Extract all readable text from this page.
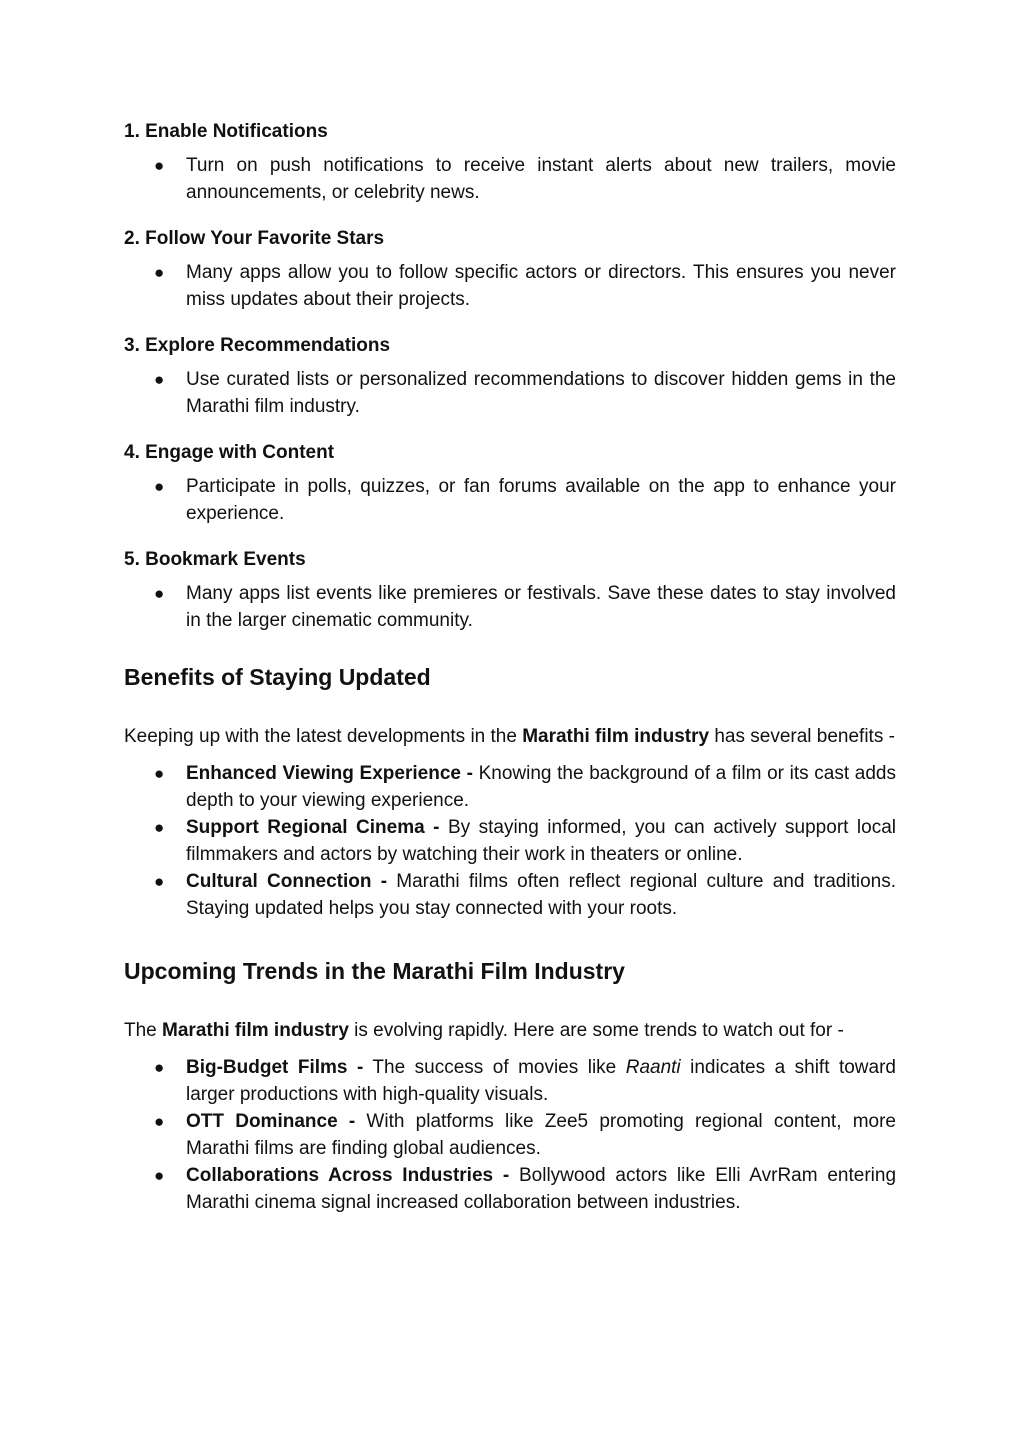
1. Enable Notifications

● Turn on push notifications to receive instant alerts about new trailers, movie announcements, or celebrity news.

2. Follow Your Favorite Stars

● Many apps allow you to follow specific actors or directors. This ensures you never miss updates about their projects.

3. Explore Recommendations

● Use curated lists or personalized recommendations to discover hidden gems in the Marathi film industry.

4. Engage with Content

● Participate in polls, quizzes, or fan forums available on the app to enhance your experience.

5. Bookmark Events

● Many apps list events like premieres or festivals. Save these dates to stay involved in the larger cinematic community.
Benefits of Staying Updated

Keeping up with the latest developments in the Marathi film industry has several benefits -

● Enhanced Viewing Experience - Knowing the background of a film or its cast adds depth to your viewing experience.
● Support Regional Cinema - By staying informed, you can actively support local filmmakers and actors by watching their work in theaters or online.
● Cultural Connection - Marathi films often reflect regional culture and traditions. Staying updated helps you stay connected with your roots.
Upcoming Trends in the Marathi Film Industry

The Marathi film industry is evolving rapidly. Here are some trends to watch out for -

● Big-Budget Films - The success of movies like Raanti indicates a shift toward larger productions with high-quality visuals.
● OTT Dominance - With platforms like Zee5 promoting regional content, more Marathi films are finding global audiences.
● Collaborations Across Industries - Bollywood actors like Elli AvrRam entering Marathi cinema signal increased collaboration between industries.
